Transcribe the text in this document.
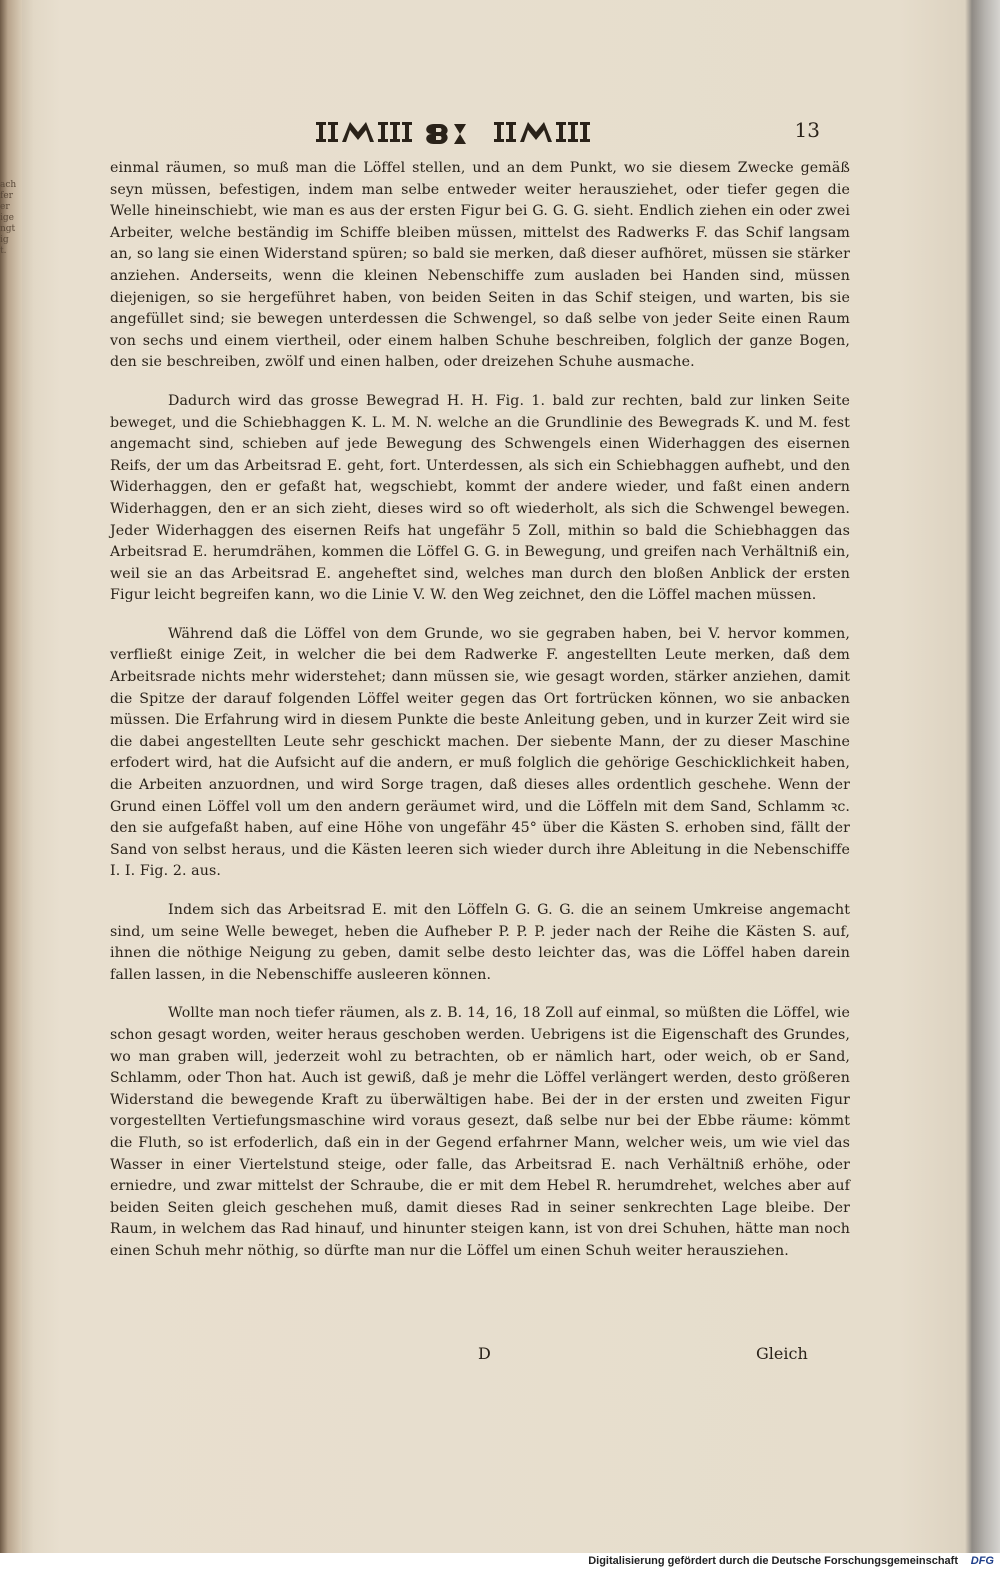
ach
fer
er
ige
ngt
ig
t.
13

einmal räumen, so muß man die Löffel stellen, und an dem Punkt, wo sie diesem Zwecke gemäß seyn müssen, befestigen, indem man selbe entweder weiter herausziehet, oder tiefer gegen die Welle hineinschiebt, wie man es aus der ersten Figur bei G. G. G. sieht. Endlich ziehen ein oder zwei Arbeiter, welche beständig im Schiffe bleiben müssen, mittelst des Radwerks F. das Schif langsam an, so lang sie einen Widerstand spüren; so bald sie merken, daß dieser aufhöret, müssen sie stärker anziehen. Anderseits, wenn die kleinen Nebenschiffe zum ausladen bei Handen sind, müssen diejenigen, so sie hergeführet haben, von beiden Seiten in das Schif steigen, und warten, bis sie angefüllet sind; sie bewegen unterdessen die Schwengel, so daß selbe von jeder Seite einen Raum von sechs und einem viertheil, oder einem halben Schuhe beschreiben, folglich der ganze Bogen, den sie beschreiben, zwölf und einen halben, oder dreizehen Schuhe ausmache.

Dadurch wird das grosse Bewegrad H. H. Fig. 1. bald zur rechten, bald zur linken Seite beweget, und die Schiebhaggen K. L. M. N. welche an die Grundlinie des Bewegrads K. und M. fest angemacht sind, schieben auf jede Bewegung des Schwengels einen Widerhaggen des eisernen Reifs, der um das Arbeitsrad E. geht, fort. Unterdessen, als sich ein Schiebhaggen aufhebt, und den Widerhaggen, den er gefaßt hat, wegschiebt, kommt der andere wieder, und faßt einen andern Widerhaggen, den er an sich zieht, dieses wird so oft wiederholt, als sich die Schwengel bewegen. Jeder Widerhaggen des eisernen Reifs hat ungefähr 5 Zoll, mithin so bald die Schiebhaggen das Arbeitsrad E. herumdrähen, kommen die Löffel G. G. in Bewegung, und greifen nach Verhältniß ein, weil sie an das Arbeitsrad E. angeheftet sind, welches man durch den bloßen Anblick der ersten Figur leicht begreifen kann, wo die Linie V. W. den Weg zeichnet, den die Löffel machen müssen.

Während daß die Löffel von dem Grunde, wo sie gegraben haben, bei V. hervor kommen, verfließt einige Zeit, in welcher die bei dem Radwerke F. angestellten Leute merken, daß dem Arbeitsrade nichts mehr widerstehet; dann müssen sie, wie gesagt worden, stärker anziehen, damit die Spitze der darauf folgenden Löffel weiter gegen das Ort fortrücken können, wo sie anbacken müssen. Die Erfahrung wird in diesem Punkte die beste Anleitung geben, und in kurzer Zeit wird sie die dabei angestellten Leute sehr geschickt machen. Der siebente Mann, der zu dieser Maschine erfodert wird, hat die Aufsicht auf die andern, er muß folglich die gehörige Geschicklichkeit haben, die Arbeiten anzuordnen, und wird Sorge tragen, daß dieses alles ordentlich geschehe. Wenn der Grund einen Löffel voll um den andern geräumet wird, und die Löffeln mit dem Sand, Schlamm ꝛc. den sie aufgefaßt haben, auf eine Höhe von ungefähr 45° über die Kästen S. erhoben sind, fällt der Sand von selbst heraus, und die Kästen leeren sich wieder durch ihre Ableitung in die Nebenschiffe I. I. Fig. 2. aus.

Indem sich das Arbeitsrad E. mit den Löffeln G. G. G. die an seinem Umkreise angemacht sind, um seine Welle beweget, heben die Aufheber P. P. P. jeder nach der Reihe die Kästen S. auf, ihnen die nöthige Neigung zu geben, damit selbe desto leichter das, was die Löffel haben darein fallen lassen, in die Nebenschiffe ausleeren können.

Wollte man noch tiefer räumen, als z. B. 14, 16, 18 Zoll auf einmal, so müßten die Löffel, wie schon gesagt worden, weiter heraus geschoben werden. Uebrigens ist die Eigenschaft des Grundes, wo man graben will, jederzeit wohl zu betrachten, ob er nämlich hart, oder weich, ob er Sand, Schlamm, oder Thon hat. Auch ist gewiß, daß je mehr die Löffel verlängert werden, desto größeren Widerstand die bewegende Kraft zu überwältigen habe. Bei der in der ersten und zweiten Figur vorgestellten Vertiefungsmaschine wird voraus gesezt, daß selbe nur bei der Ebbe räume: kömmt die Fluth, so ist erfoderlich, daß ein in der Gegend erfahrner Mann, welcher weis, um wie viel das Wasser in einer Viertelstund steige, oder falle, das Arbeitsrad E. nach Verhältniß erhöhe, oder erniedre, und zwar mittelst der Schraube, die er mit dem Hebel R. herumdrehet, welches aber auf beiden Seiten gleich geschehen muß, damit dieses Rad in seiner senkrechten Lage bleibe. Der Raum, in welchem das Rad hinauf, und hinunter steigen kann, ist von drei Schuhen, hätte man noch einen Schuh mehr nöthig, so dürfte man nur die Löffel um einen Schuh weiter herausziehen.

D	Gleich
Digitalisierung gefördert durch die Deutsche Forschungsgemeinschaft DFG
